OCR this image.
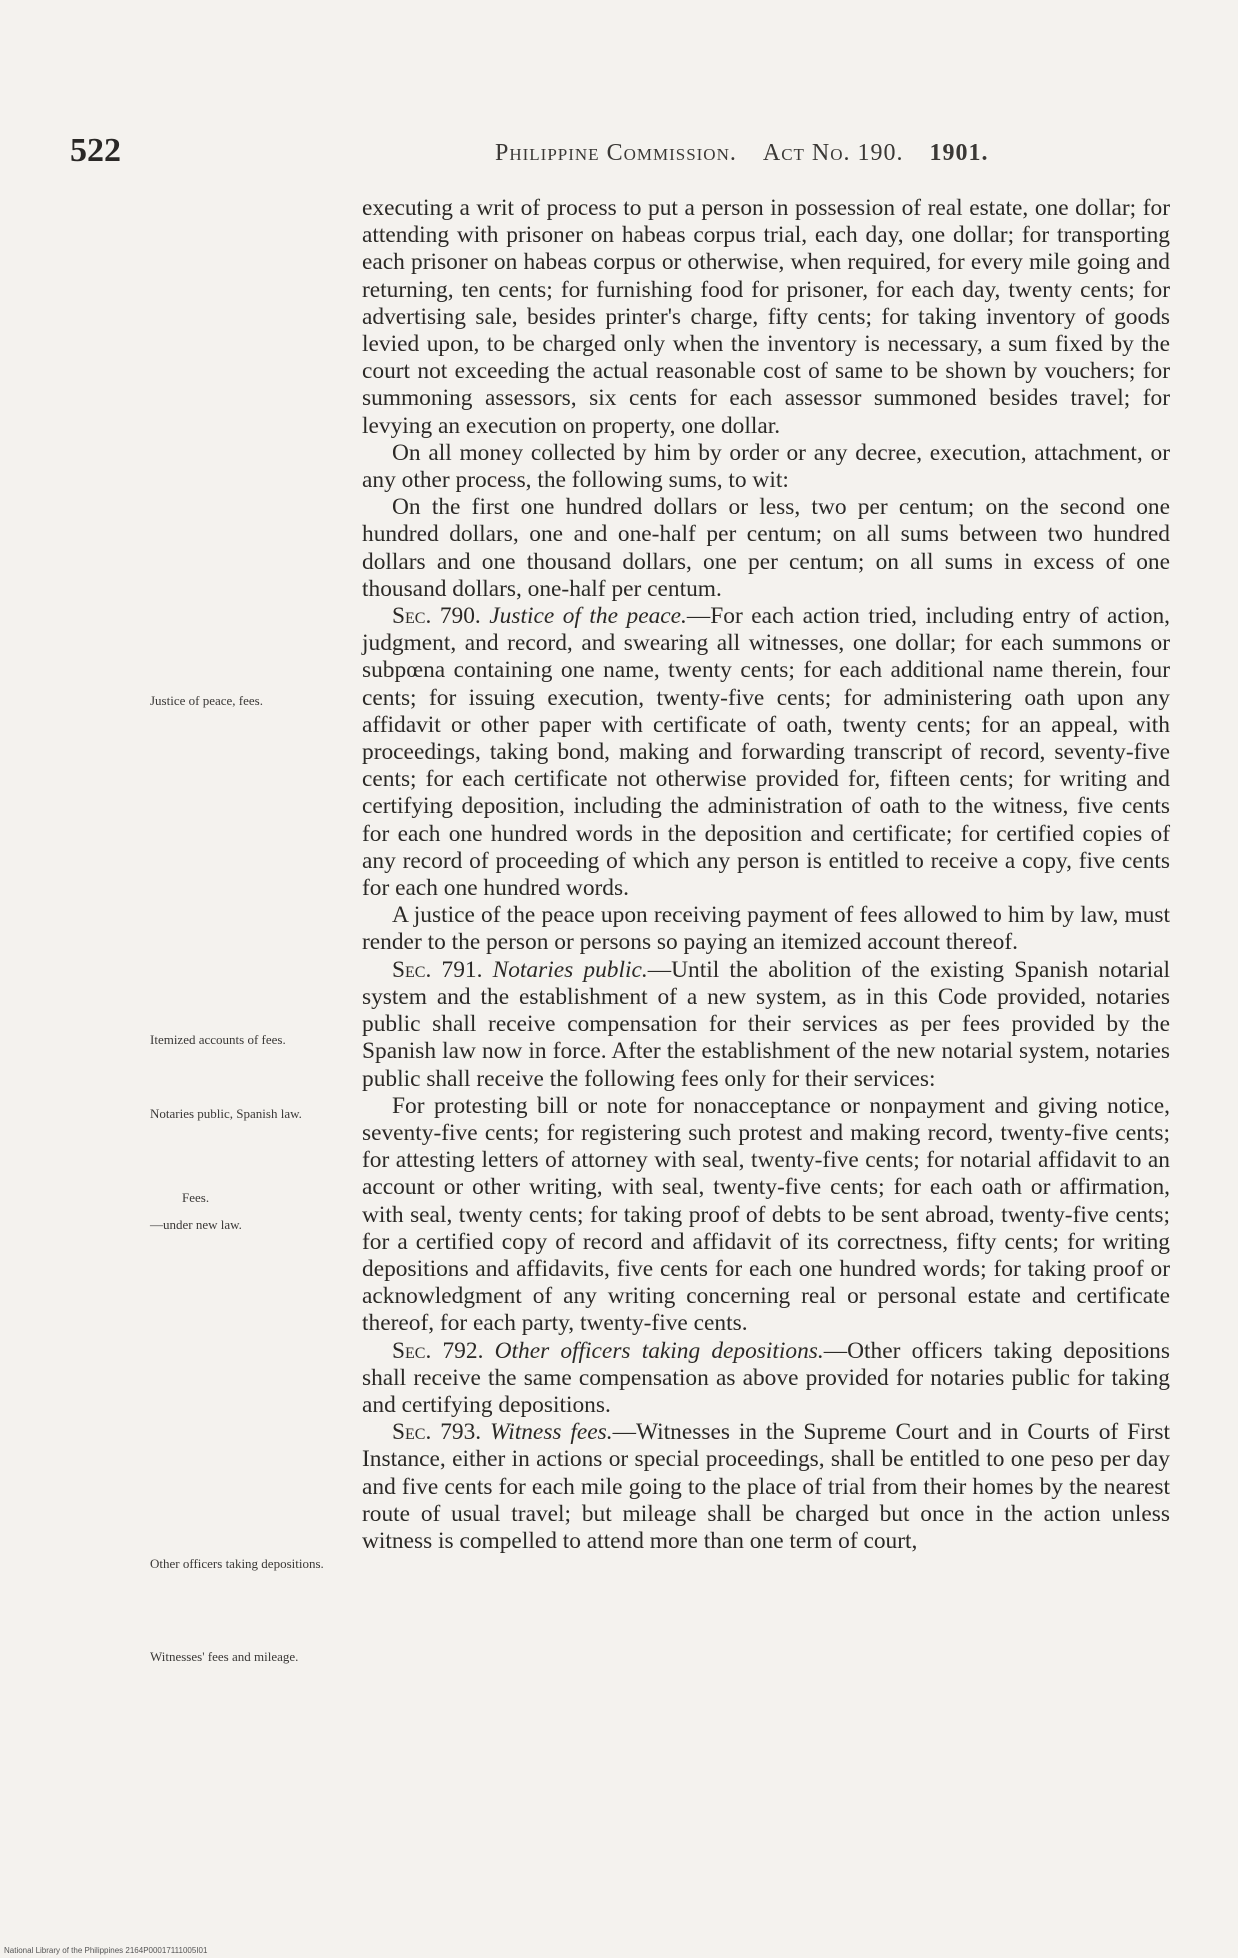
522	Philippine Commission. Act No. 190. 1901.
Justice of peace, fees.
Itemized accounts of fees.
Notaries public, Spanish law.
Fees.
—under new law.
Other officers taking depositions.
Witnesses' fees and mileage.

executing a writ of process to put a person in possession of real estate, one dollar; for attending with prisoner on habeas corpus trial, each day, one dollar; for transporting each prisoner on habeas corpus or otherwise, when required, for every mile going and returning, ten cents; for furnishing food for prisoner, for each day, twenty cents; for advertising sale, besides printer's charge, fifty cents; for taking inventory of goods levied upon, to be charged only when the inventory is necessary, a sum fixed by the court not exceeding the actual reasonable cost of same to be shown by vouchers; for summoning assessors, six cents for each assessor summoned besides travel; for levying an execution on property, one dollar.

On all money collected by him by order or any decree, execution, attachment, or any other process, the following sums, to wit:

On the first one hundred dollars or less, two per centum; on the second one hundred dollars, one and one-half per centum; on all sums between two hundred dollars and one thousand dollars, one per centum; on all sums in excess of one thousand dollars, one-half per centum.

Sec. 790. Justice of the peace.—For each action tried, including entry of action, judgment, and record, and swearing all witnesses, one dollar; for each summons or subpœna containing one name, twenty cents; for each additional name therein, four cents; for issuing execution, twenty-five cents; for administering oath upon any affidavit or other paper with certificate of oath, twenty cents; for an appeal, with proceedings, taking bond, making and forwarding transcript of record, seventy-five cents; for each certificate not otherwise provided for, fifteen cents; for writing and certifying deposition, including the administration of oath to the witness, five cents for each one hundred words in the deposition and certificate; for certified copies of any record of proceeding of which any person is entitled to receive a copy, five cents for each one hundred words.

A justice of the peace upon receiving payment of fees allowed to him by law, must render to the person or persons so paying an itemized account thereof.

Sec. 791. Notaries public.—Until the abolition of the existing Spanish notarial system and the establishment of a new system, as in this Code provided, notaries public shall receive compensation for their services as per fees provided by the Spanish law now in force. After the establishment of the new notarial system, notaries public shall receive the following fees only for their services:

For protesting bill or note for nonacceptance or nonpayment and giving notice, seventy-five cents; for registering such protest and making record, twenty-five cents; for attesting letters of attorney with seal, twenty-five cents; for notarial affidavit to an account or other writing, with seal, twenty-five cents; for each oath or affirmation, with seal, twenty cents; for taking proof of debts to be sent abroad, twenty-five cents; for a certified copy of record and affidavit of its correctness, fifty cents; for writing depositions and affidavits, five cents for each one hundred words; for taking proof or acknowledgment of any writing concerning real or personal estate and certificate thereof, for each party, twenty-five cents.

Sec. 792. Other officers taking depositions.—Other officers taking depositions shall receive the same compensation as above provided for notaries public for taking and certifying depositions.

Sec. 793. Witness fees.—Witnesses in the Supreme Court and in Courts of First Instance, either in actions or special proceedings, shall be entitled to one peso per day and five cents for each mile going to the place of trial from their homes by the nearest route of usual travel; but mileage shall be charged but once in the action unless witness is compelled to attend more than one term of court,

National Library of the Philippines 2164P00017111005I01
